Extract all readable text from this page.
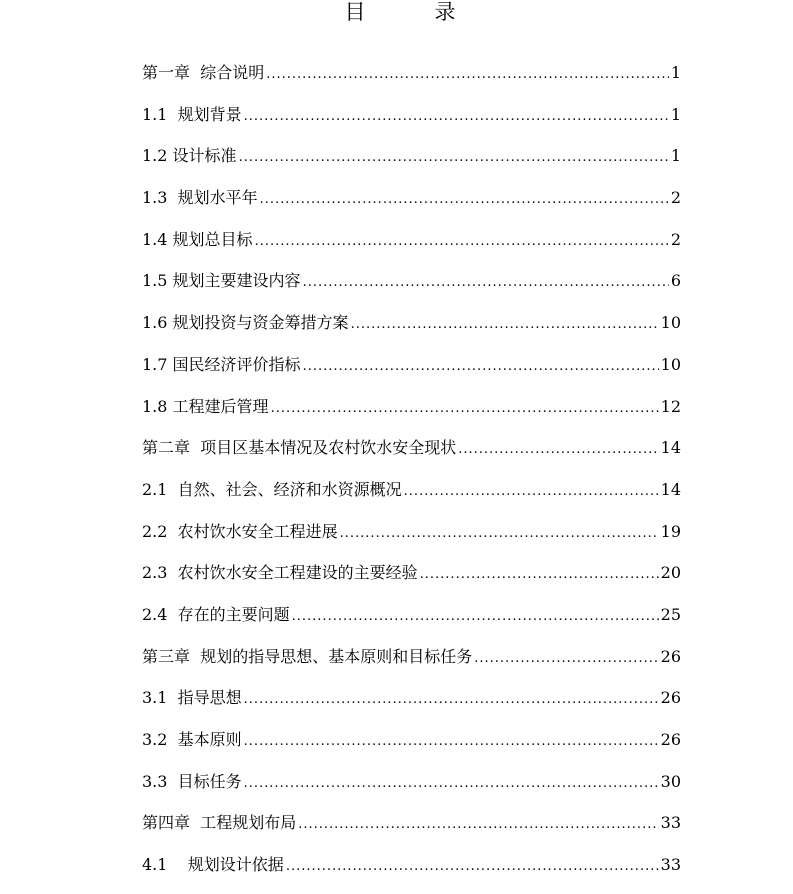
目　录
第一章 综合说明 .....	1
1.1 规划背景 .....	1
1.2 设计标准 .....	1
1.3 规划水平年 .....	2
1.4 规划总目标 .....	2
1.5 规划主要建设内容 .....	6
1.6 规划投资与资金筹措方案 .....	10
1.7 国民经济评价指标 .....	10
1.8 工程建后管理 .....	12
第二章 项目区基本情况及农村饮水安全现状 .....	14
2.1 自然、社会、经济和水资源概况 .....	14
2.2 农村饮水安全工程进展 .....	19
2.3 农村饮水安全工程建设的主要经验 .....	20
2.4 存在的主要问题 .....	25
第三章 规划的指导思想、基本原则和目标任务 .....	26
3.1 指导思想 .....	26
3.2 基本原则 .....	26
3.3 目标任务 .....	30
第四章 工程规划布局 .....	33
4.1 规划设计依据 .....	33
